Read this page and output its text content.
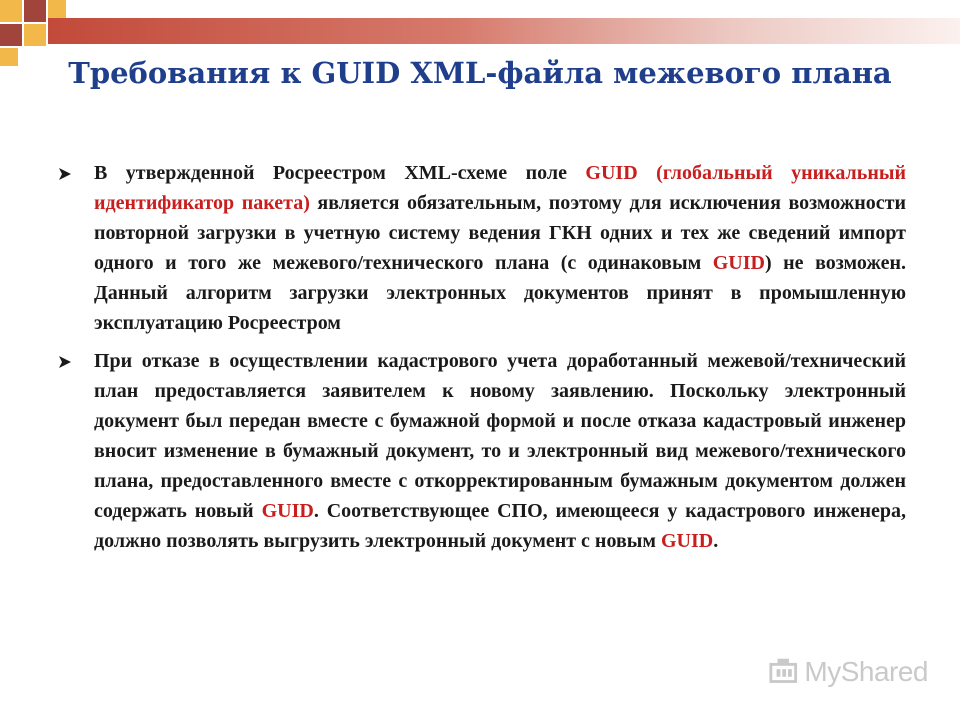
Требования к GUID XML-файла межевого плана
В утвержденной Росреестром XML-схеме поле GUID (глобальный уникальный идентификатор пакета) является обязательным, поэтому для исключения возможности повторной загрузки в учетную систему ведения ГКН одних и тех же сведений импорт одного и того же межевого/технического плана (с одинаковым GUID) не возможен. Данный алгоритм загрузки электронных документов принят в промышленную эксплуатацию Росреестром
При отказе в осуществлении кадастрового учета доработанный межевой/технический план предоставляется заявителем к новому заявлению. Поскольку электронный документ был передан вместе с бумажной формой и после отказа кадастровый инженер вносит изменение в бумажный документ, то и электронный вид межевого/технического плана, предоставленного вместе с откорректированным бумажным документом должен содержать новый GUID. Соответствующее СПО, имеющееся у кадастрового инженера, должно позволять выгрузить электронный документ с новым GUID.
MyShared
